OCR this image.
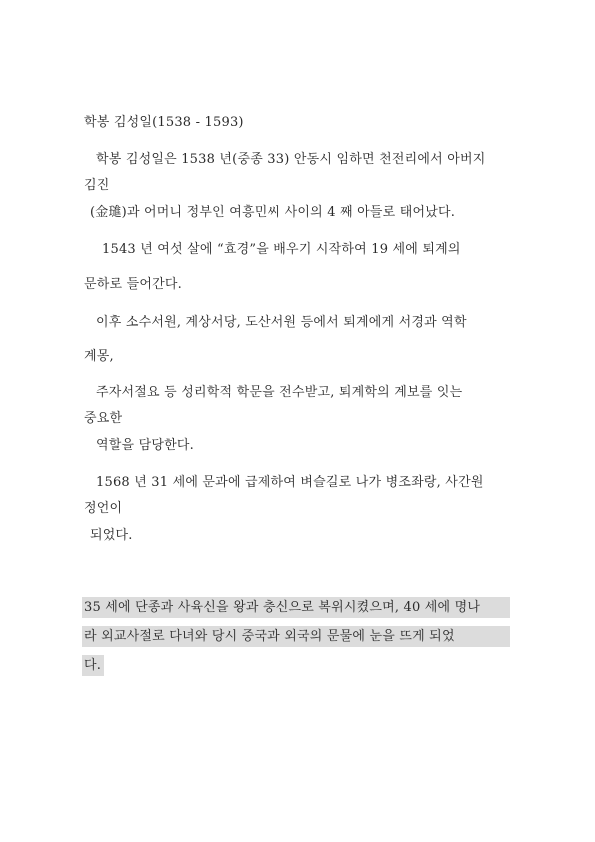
학봉 김성일(1538 - 1593)
학봉 김성일은 1538 년(중종 33) 안동시 임하면 천전리에서 아버지
김진
(金璡)과 어머니 정부인 여흥민씨 사이의 4 째 아들로 태어났다.
1543 년 여섯 살에 “효경”을 배우기 시작하여 19 세에 퇴계의
문하로 들어간다.
이후 소수서원, 계상서당, 도산서원 등에서 퇴계에게 서경과 역학
계몽,
주자서절요 등 성리학적 학문을 전수받고, 퇴계학의 계보를 잇는
중요한
역할을 담당한다.
1568 년 31 세에 문과에 급제하여 벼슬길로 나가 병조좌랑, 사간원
정언이
되었다.
35 세에 단종과 사육신을 왕과 충신으로 복위시켰으며, 40 세에 명나
라 외교사절로 다녀와 당시 중국과 외국의 문물에 눈을 뜨게 되었
다.
